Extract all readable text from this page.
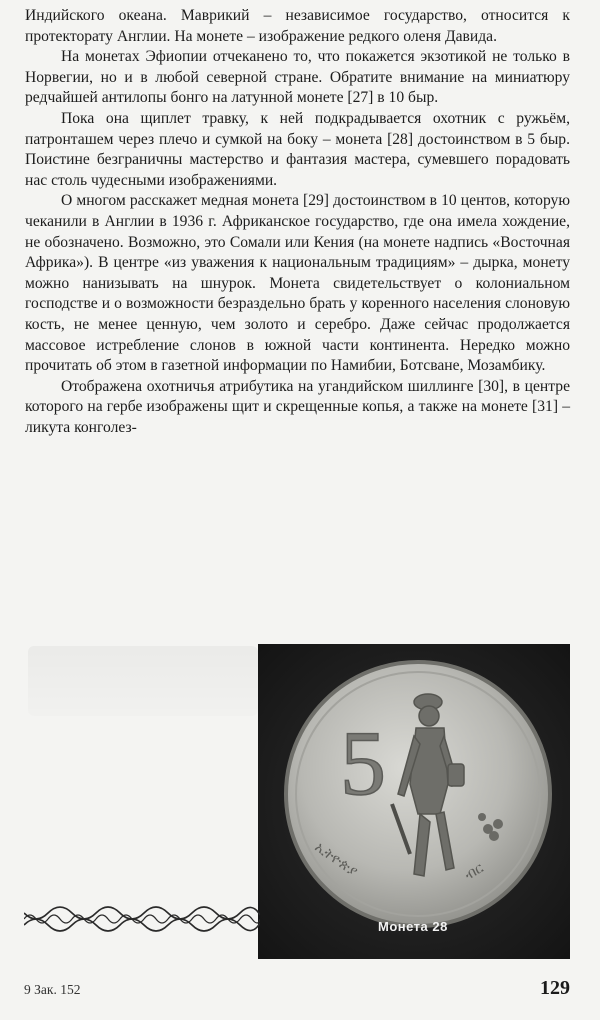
Индийского океана. Маврикий – независимое государство, относится к протекторату Англии. На монете – изображение редкого оленя Давида.

На монетах Эфиопии отчеканено то, что покажется экзотикой не только в Норвегии, но и в любой северной стране. Обратите внимание на миниатюру редчайшей антилопы бонго на латунной монете [27] в 10 быр.

Пока она щиплет травку, к ней подкрадывается охотник с ружьём, патронташем через плечо и сумкой на боку – монета [28] достоинством в 5 быр. Поистине безграничны мастерство и фантазия мастера, сумевшего порадовать нас столь чудесными изображениями.

О многом расскажет медная монета [29] достоинством в 10 центов, которую чеканили в Англии в 1936 г. Африканское государство, где она имела хождение, не обозначено. Возможно, это Сомали или Кения (на монете надпись «Восточная Африка»). В центре «из уважения к национальным традициям» – дырка, монету можно нанизывать на шнурок. Монета свидетельствует о колониальном господстве и о возможности безраздельно брать у коренного населения слоновую кость, не менее ценную, чем золото и серебро. Даже сейчас продолжается массовое истребление слонов в южной части континента. Нередко можно прочитать об этом в газетной информации по Намибии, Ботсване, Мозамбику.

Отображена охотничья атрибутика на угандийском шиллинге [30], в центре которого на гербе изображены щит и скрещенные копья, а также на монете [31] – ликута конголез-

5
ኢትዮጵያ	ብር
Монета 28
9 Зак. 152	129
